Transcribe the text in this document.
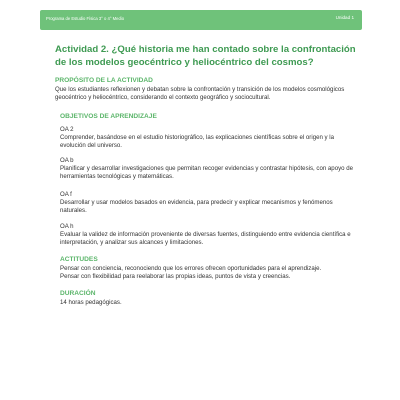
Programa de Estudio Física 3° o 4° Medio	Unidad 1
Actividad 2. ¿Qué historia me han contado sobre la confrontación de los modelos geocéntrico y heliocéntrico del cosmos?
PROPÓSITO DE LA ACTIVIDAD

Que los estudiantes reflexionen y debatan sobre la confrontación y transición de los modelos cosmológicos geocéntrico y heliocéntrico, considerando el contexto geográfico y sociocultural.

OBJETIVOS DE APRENDIZAJE

OA 2

Comprender, basándose en el estudio historiográfico, las explicaciones científicas sobre el origen y la evolución del universo.

OA b

Planificar y desarrollar investigaciones que permitan recoger evidencias y contrastar hipótesis, con apoyo de herramientas tecnológicas y matemáticas.

OA f

Desarrollar y usar modelos basados en evidencia, para predecir y explicar mecanismos y fenómenos naturales.

OA h

Evaluar la validez de información proveniente de diversas fuentes, distinguiendo entre evidencia científica e interpretación, y analizar sus alcances y limitaciones.

ACTITUDES

Pensar con conciencia, reconociendo que los errores ofrecen oportunidades para el aprendizaje.

Pensar con flexibilidad para reelaborar las propias ideas, puntos de vista y creencias.

DURACIÓN

14 horas pedagógicas.
